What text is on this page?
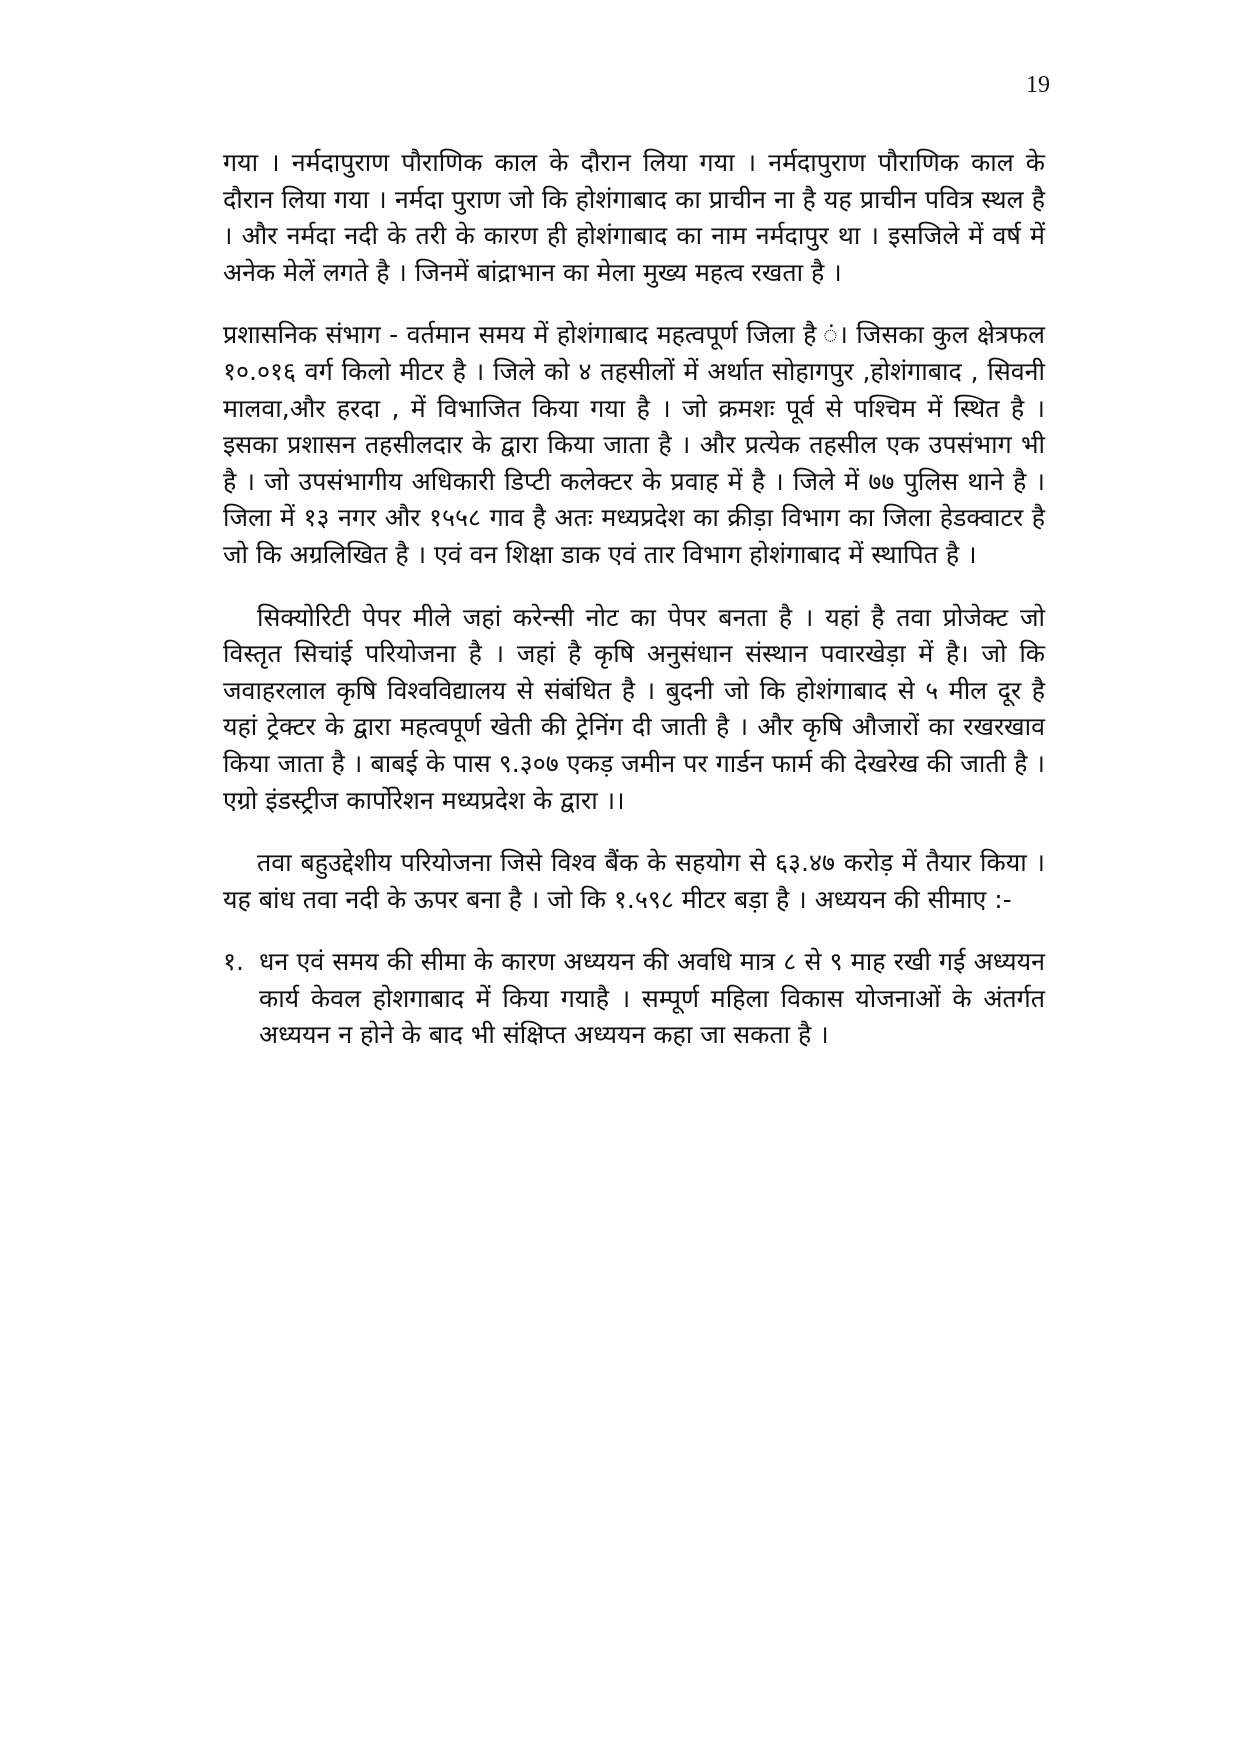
19

गया । नर्मदापुराण पौराणिक काल के दौरान लिया गया । नर्मदापुराण पौराणिक काल के दौरान लिया गया । नर्मदा पुराण जो कि होशंगाबाद का प्राचीन ना है यह प्राचीन पवित्र स्थल है । और नर्मदा नदी के तरी के कारण ही होशंगाबाद का नाम नर्मदापुर था । इसजिले में वर्ष में अनेक मेलें लगते है । जिनमें बांद्राभान का मेला मुख्य महत्व रखता है ।

प्रशासनिक संभाग - वर्तमान समय में होशंगाबाद महत्वपूर्ण जिला है ं। जिसका कुल क्षेत्रफल १०.०१६ वर्ग किलो मीटर है । जिले को ४ तहसीलों में अर्थात सोहागपुर ,होशंगाबाद , सिवनी मालवा,और हरदा , में विभाजित किया गया है । जो क्रमशः पूर्व से पश्चिम में स्थित है । इसका प्रशासन तहसीलदार के द्वारा किया जाता है । और प्रत्येक तहसील एक उपसंभाग भी है । जो उपसंभागीय अधिकारी डिप्टी कलेक्टर के प्रवाह में है । जिले में ७७ पुलिस थाने है । जिला में १३ नगर और १५५८ गाव है अतः मध्यप्रदेश का क्रीड़ा विभाग का जिला हेडक्वाटर है जो कि अग्रलिखित है । एवं वन शिक्षा डाक एवं तार विभाग होशंगाबाद में स्थापित है ।

सिक्योरिटी पेपर मीले जहां करेन्सी नोट का पेपर बनता है । यहां है तवा प्रोजेक्ट जो विस्तृत सिचांई परियोजना है । जहां है कृषि अनुसंधान संस्थान पवारखेड़ा में है। जो कि जवाहरलाल कृषि विश्वविद्यालय से संबंधित है । बुदनी जो कि होशंगाबाद से ५ मील दूर है यहां ट्रेक्टर के द्वारा महत्वपूर्ण खेती की ट्रेनिंग दी जाती है । और कृषि औजारों का रखरखाव किया जाता है । बाबई के पास ९.३०७ एकड़ जमीन पर गार्डन फार्म की देखरेख की जाती है । एग्रो इंडस्ट्रीज कार्पोरेशन मध्यप्रदेश के द्वारा ।।

तवा बहुउद्देशीय परियोजना जिसे विश्व बैंक के सहयोग से ६३.४७ करोड़ में तैयार किया । यह बांध तवा नदी के ऊपर बना है । जो कि १.५९८ मीटर बड़ा है । अध्ययन की सीमाए :-

१. धन एवं समय की सीमा के कारण अध्ययन की अवधि मात्र ८ से ९ माह रखी गई अध्ययन कार्य केवल होशगाबाद में किया गयाहै । सम्पूर्ण महिला विकास योजनाओं के अंतर्गत अध्ययन न होने के बाद भी संक्षिप्त अध्ययन कहा जा सकता है ।
